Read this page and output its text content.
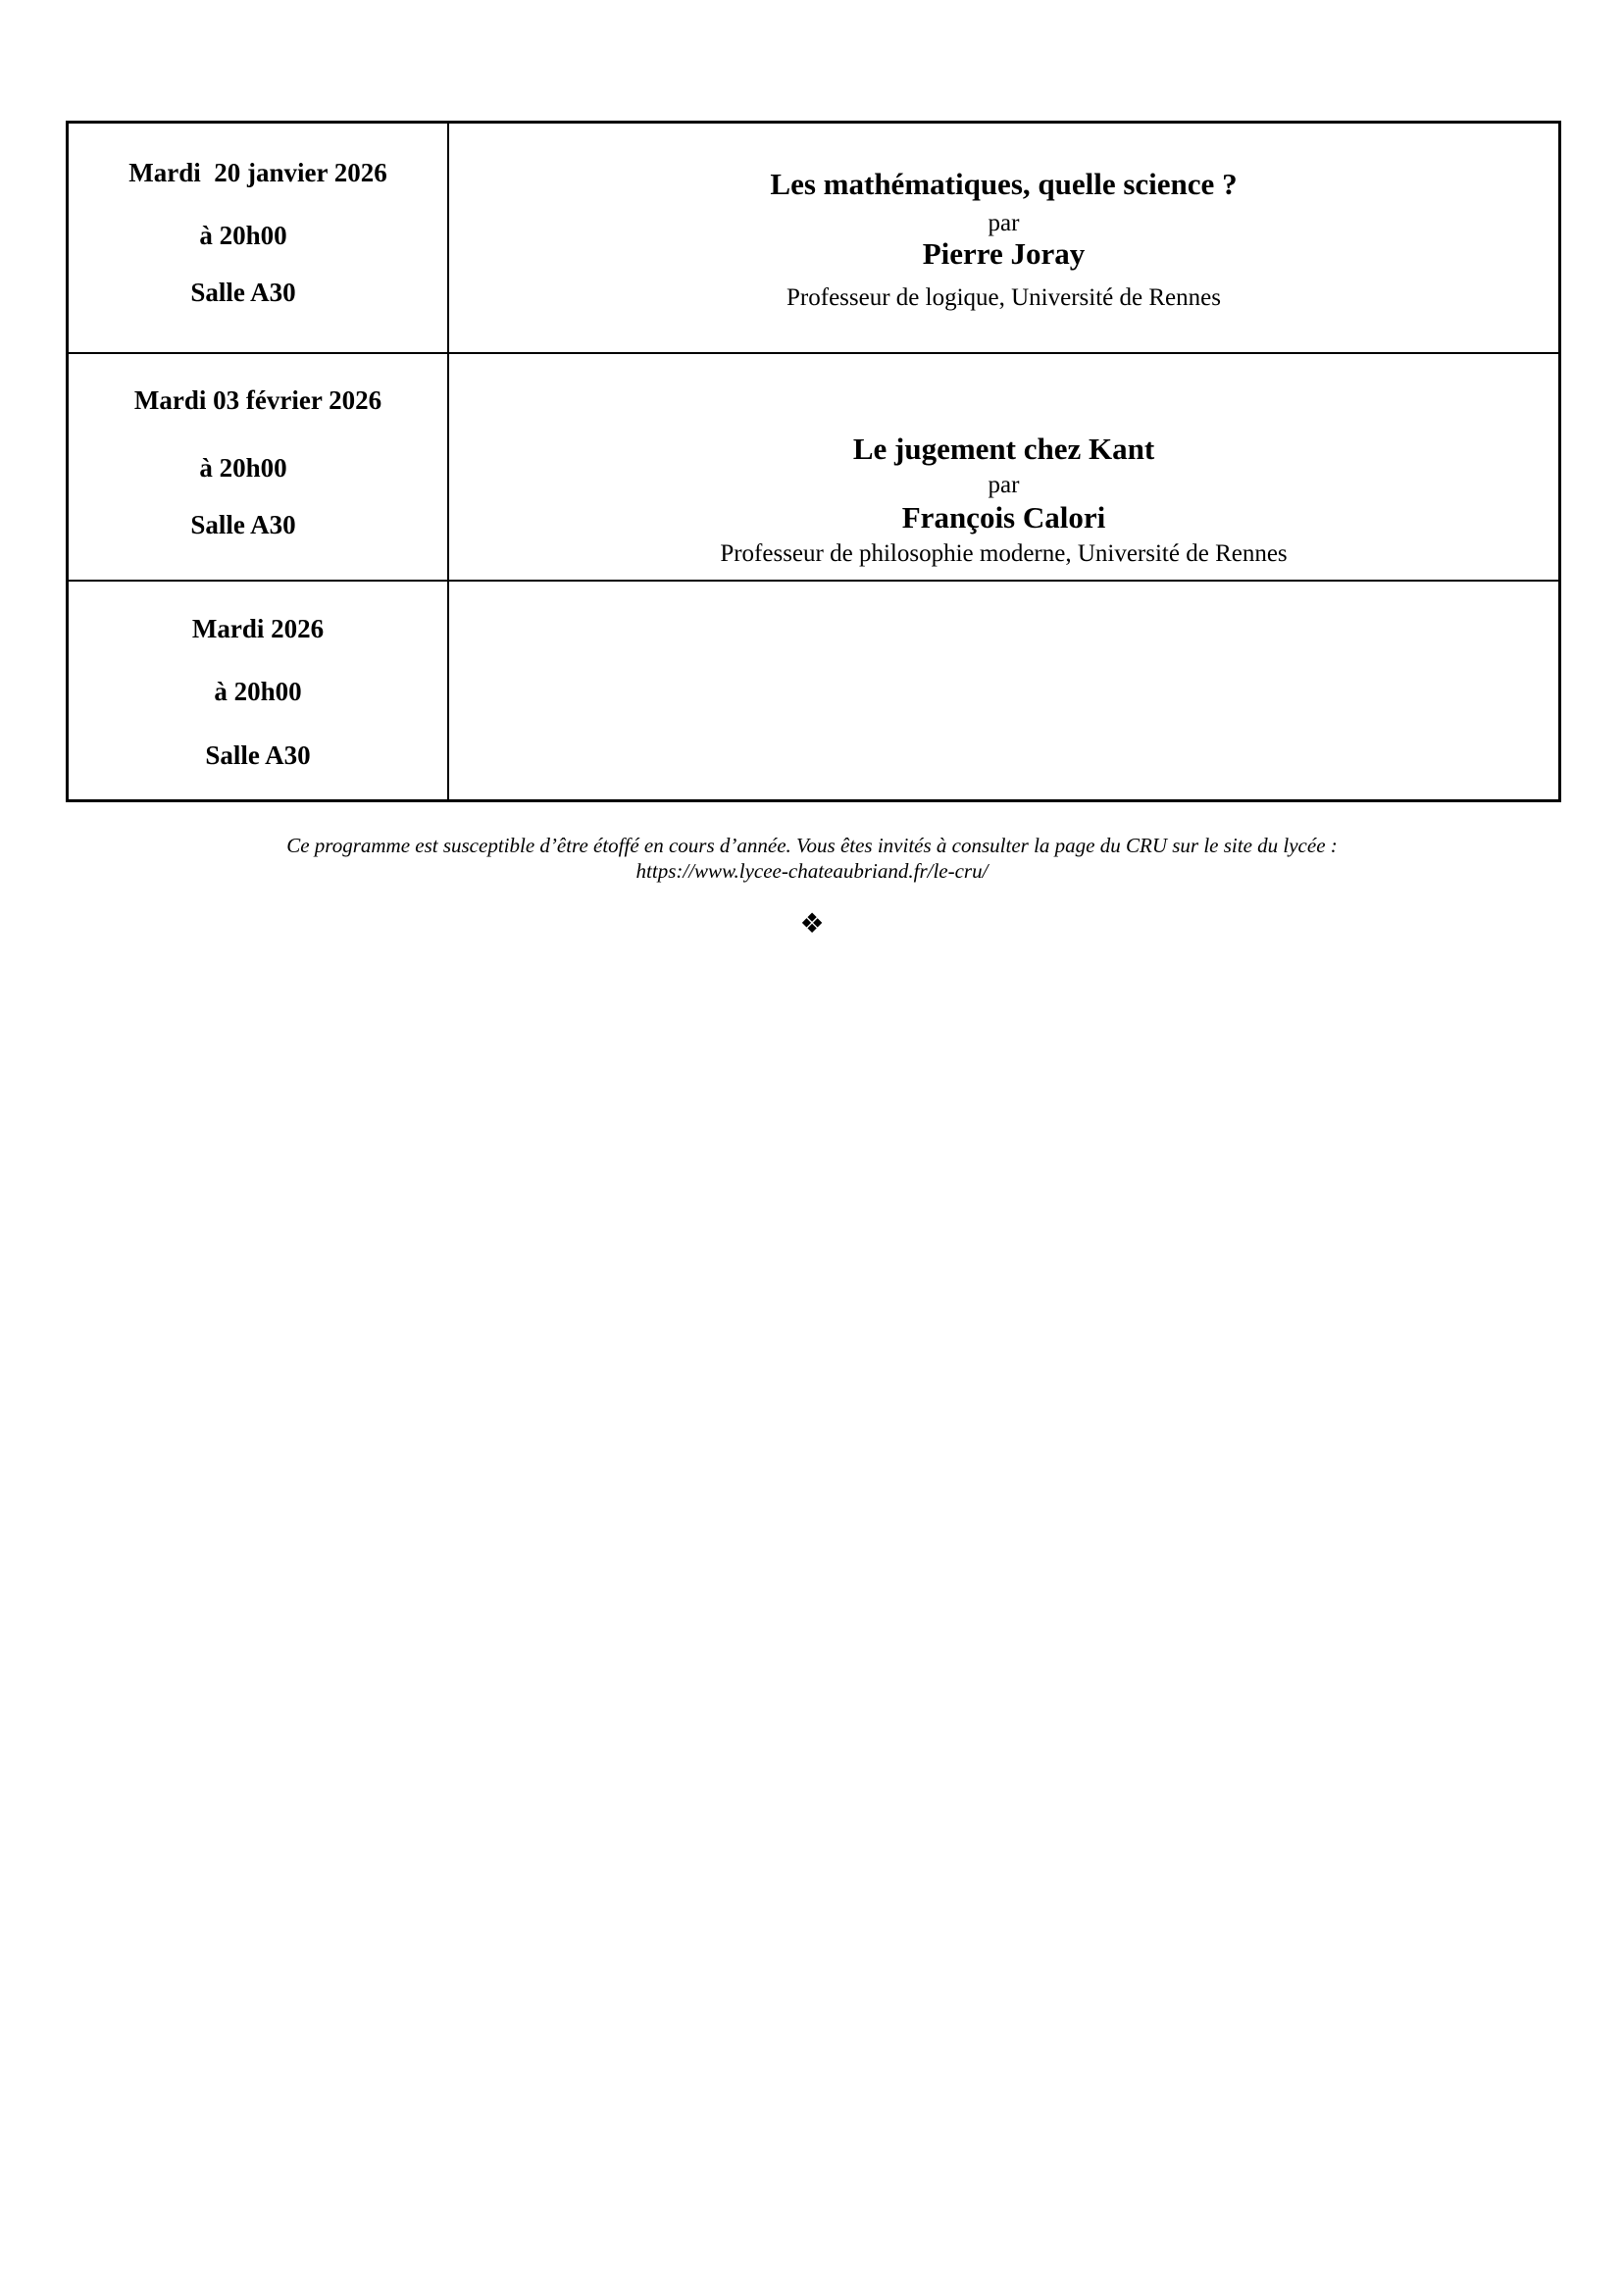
Mardi  20 janvier 2026
à 20h00
Salle A30
Les mathématiques, quelle science ?
par
Pierre Joray
Professeur de logique, Université de Rennes
Mardi 03 février 2026
à 20h00
Salle A30
Le jugement chez Kant
par
François Calori
Professeur de philosophie moderne, Université de Rennes
Mardi 2026
à 20h00
Salle A30
Ce programme est susceptible d’être étoffé en cours d’année. Vous êtes invités à consulter la page du CRU sur le site du lycée :
https://www.lycee-chateaubriand.fr/le-cru/
❖
